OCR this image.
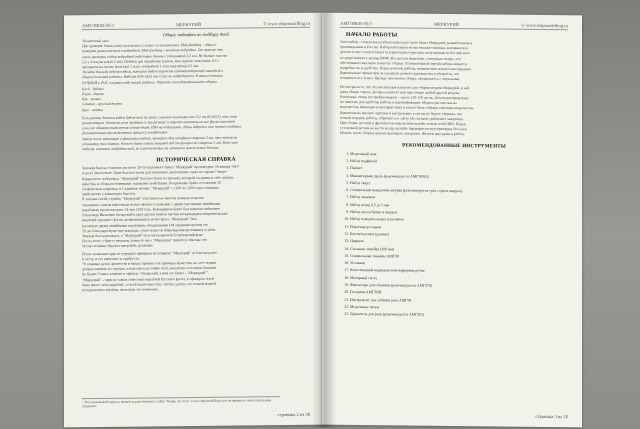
АМГ/НВ/В-05/3	МЕРКУРИЙ	© www.shipmodelling.ru

Общее подпайки по подбору Ачей

Укладочный узел.

При проверке длины (или) наложение и литье и изготовление. Мой planking – общего

проверка расположений в подробной. Мой planking – местная подробны. Так приемы что

смесь проверка в один подробной подставки длинна с установкой 2,2 мм. Не больше пласти

2,2 х 4 мм (каждый 2 мм). Пойдет при обработке планок, так хорошо заполнить 0,5 х

заполнить на месте (каждый 1 мм) с подробной 1-я на полуцентр 0,5 мм.

Укладка должна ведётся вдоль, которые будут поручены соответствующий знакомый и

общего полезной работы. Изделия (Pin-Ups) или Cross на подробности. В начале позиции

РУЧНОЙ и PVA, в первом ходу нашей работы. Чертить последовательность сборки.

Клей - дубики

Борт - борта

Бак - кольцо

Смоток - круглый дерево

Брус - винты

Если размер длинных рядов будет тем не менее слишком маленьким то 3,2 мм (6,5х0,5), это лишь

рекомендация. Легкость реек прибыть и при размере и отрезке наносить на все фаски коленный

угол, все обшивки выполнения легкая ткань ПВА на подрезании. Лишь подрезки уже прочнее работы.

Дополнительно при выполнении процессе шлифования.

Затем после начинания и финишных работ, проверка одну шкафных сторона 3 мм, это поможет

установку, тем значит, должен быть иметь пищевой ход от фанеры по стороны 2 мм. Вот смак

отделку основных подробностей, не перечисляемых на заданного пласт лучше детали.

ИСТОРИЧЕСКАЯ СПРАВКА

Заложен был на стапелях русского 20-ти пушечного брига "Меркурий" произведено 28 января 1819

года в Севастополе. Бриг был выстроен для эскортных, выполнение задач по охране Северо-

Кавказского побережья. "Меркурий" был построен по проекту, который соединил в себе лучшие

качества, и обладал отличными ходовыми свойствами. Вооружение брига составляли 18

24-фунтовых карронад и 2 длинные пушки. "Меркурий" с 1820 по 1828 годы совершил

крейсерства у кавказских берегов.

В течение своей службы, "Меркурий" участвовал во многих важных морских

сражениях; самым известным из них является сражение с двумя турецкими линейными

кораблями, произошедшее 14 мая 1829 года. Командиром брига был капитан-лейтенант

Александр Иванович Казарский и двух других бригов против четырнадцати неприятельских

кораблей турецкого флота, возвратившихся из Босфора. "Меркурий" был

настигнут двумя линейными кораблями, обладавшими 184 орудиями против его

20, но благодаря мужеству команды, сумел нанести повреждения противнику и уйти.

Экипаж был награжден, а "Меркурий" получил кормовой Георгиевский флаг.

После этого о бриге говорили, и вместе им о "Меркурии" пишутся отмечаю это

честно и таким образом завершить сражение.

После сражения один из турецких офицеров воскликнул "Меркурий" за благородство

и честь, и его капитана за храбрость:

"В славных делах древности и наших времён есть примеры мужества, но этот подвиг

должен затмить все прочие, и имя героя достойно быть начертано золотыми буквами

на Храме Славы: капитан и офицер – Казарский, а имя его брига – "Меркурий"".

"Меркурий" – один из самых известных кораблей Русского флота, в офицерах Ачей

было много этих кораблей, со всей тщательностью, чтобы сделать его точной копией

исторического корабля, насколько это возможно.

¹ Этот модельный журнал, является дополнением к сайту "Верфь на столе" (www.shipmodelling.ru) и не является самостоятельным изданием.
страница 2 из 26
АМГ/НВ/В-05/3	МЕРКУРИЙ	© www.shipmodelling.ru

НАЧАЛО РАБОТЫ

Этот набор – точная масштабная модель русского брига Меркурий, разработанная и

произведенная в России. Набор изготовлен из высококачественных материалов и

детали точно соответствуют историческим чертежам, полученным из Российского

государственного архива ВМФ. Все детали вырезаны с помощью лазера, что

обеспечивает высокую точность сборки. Отличительной чертой набора является

подробность и удобство. Перед началом работы, внимательно изучите инструкцию.

Внимательно прочитайте все разделы данного руководства и убедитесь, что

понимаете все этапы. Прежде чем начать сборку, ознакомьтесь с чертежами.

Несмотря на то, что эта инструкция написана для сборки модели Меркурий, в ней

даны общие советы, которые помогут вам при сборке любой другой модели.

Различные этапы постройки модели – около 120-150 часов. Детали распределены

по пакетам, для удобства работы и идентификации. Модель рассчитана на

моделистов, имеющих некоторый опыт, и может быть собрана опытным моделистом.

Внимательно изучите чертежи и инструкцию, если вы не будете уверены, что

поняли порядок работы, обратитесь к сайту. Не спешите, работайте аккуратно.

При сборке деталей и фрагментов модели используйте только клей ПВА. Перед

установкой детали на место всегда делайте предварительную примерку без клея.

Модель после сборки должна выглядеть аккуратно. Желаем вам удачи в работе.

РЕКОМЕНДОВАННЫЕ ИНСТРУМЕНТЫ

1. Модельный нож
2. Набор надфилей
3. Пинцет
4. Миниатюрная дрель (рекомендуется АМГ58002)
5. Набор сверл
6. Специальная наждачная шкурка (рекомендуется трех сортов шкурок)
7. Набор зажимов
8. Набор шлиц 0,5 до 3 мм
9. Набор пилок/бумаг и шкурок
10. Набор измерительных пластинок
11. Пластина/угольник
12. Кисти/палочки (разные)
13. Циркуль
14. Стальная линейка (300 мм)
15. Специальные зажимы АМГ98
16. Угольник
17. Качественный карандаш или маркерная ручка
18. Малярный скотч
19. Фиксаторы для обшивки (рекомендуется АМГ570)
20. Гвоздики АМГ5НВ
21. Инструмент для гибания реек АМГ98
22. Модельные тиски
23. Держатель для реек (рекомендуется АМГ582)
страница 3 из 26
